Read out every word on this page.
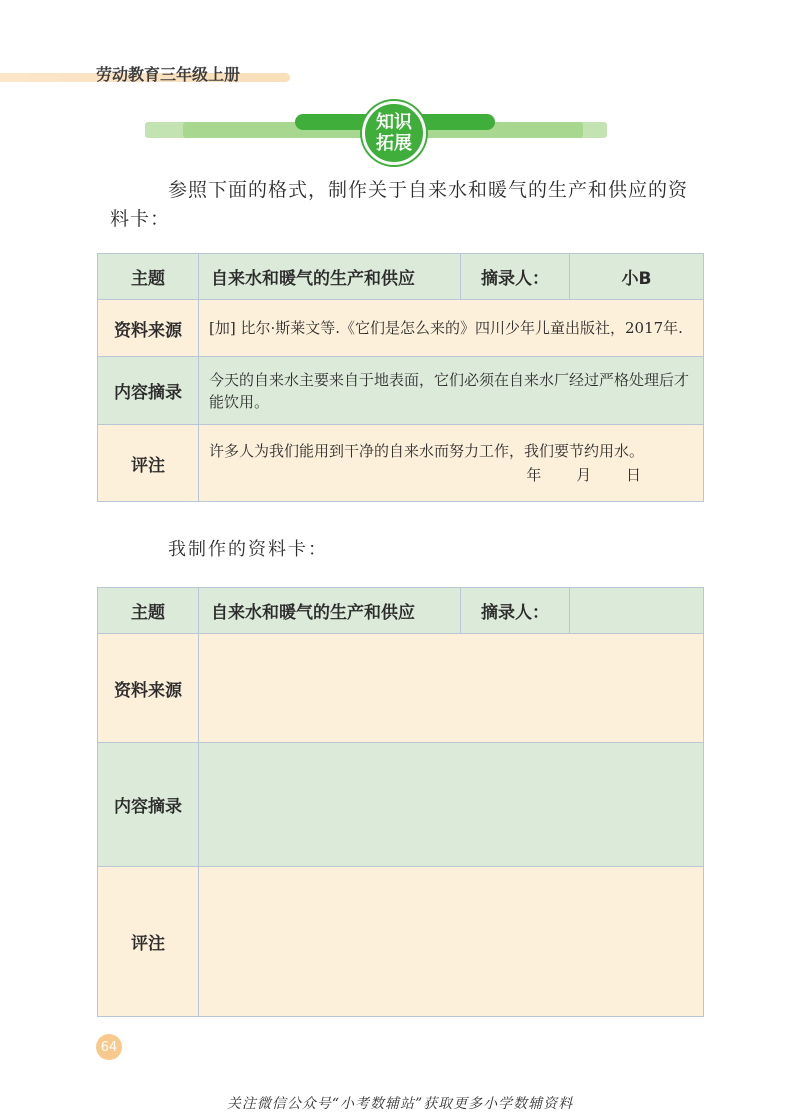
劳动教育三年级上册
知识
拓展
参照下面的格式，制作关于自来水和暖气的生产和供应的资
料卡：
主题	自来水和暖气的生产和供应	摘录人：	小B
资料来源	[加] 比尔·斯莱文等.《它们是怎么来的》四川少年儿童出版社，2017年.		
内容摘录	今天的自来水主要来自于地表面，它们必须在自来水厂经过严格处理后才能饮用。		
评注	许多人为我们能用到干净的自来水而努力工作，我们要节约用水。
年 月 日		
我制作的资料卡：
主题	自来水和暖气的生产和供应	摘录人：	
资料来源			
内容摘录			
评注			
64
关注微信公众号“小考数辅站”获取更多小学数辅资料
